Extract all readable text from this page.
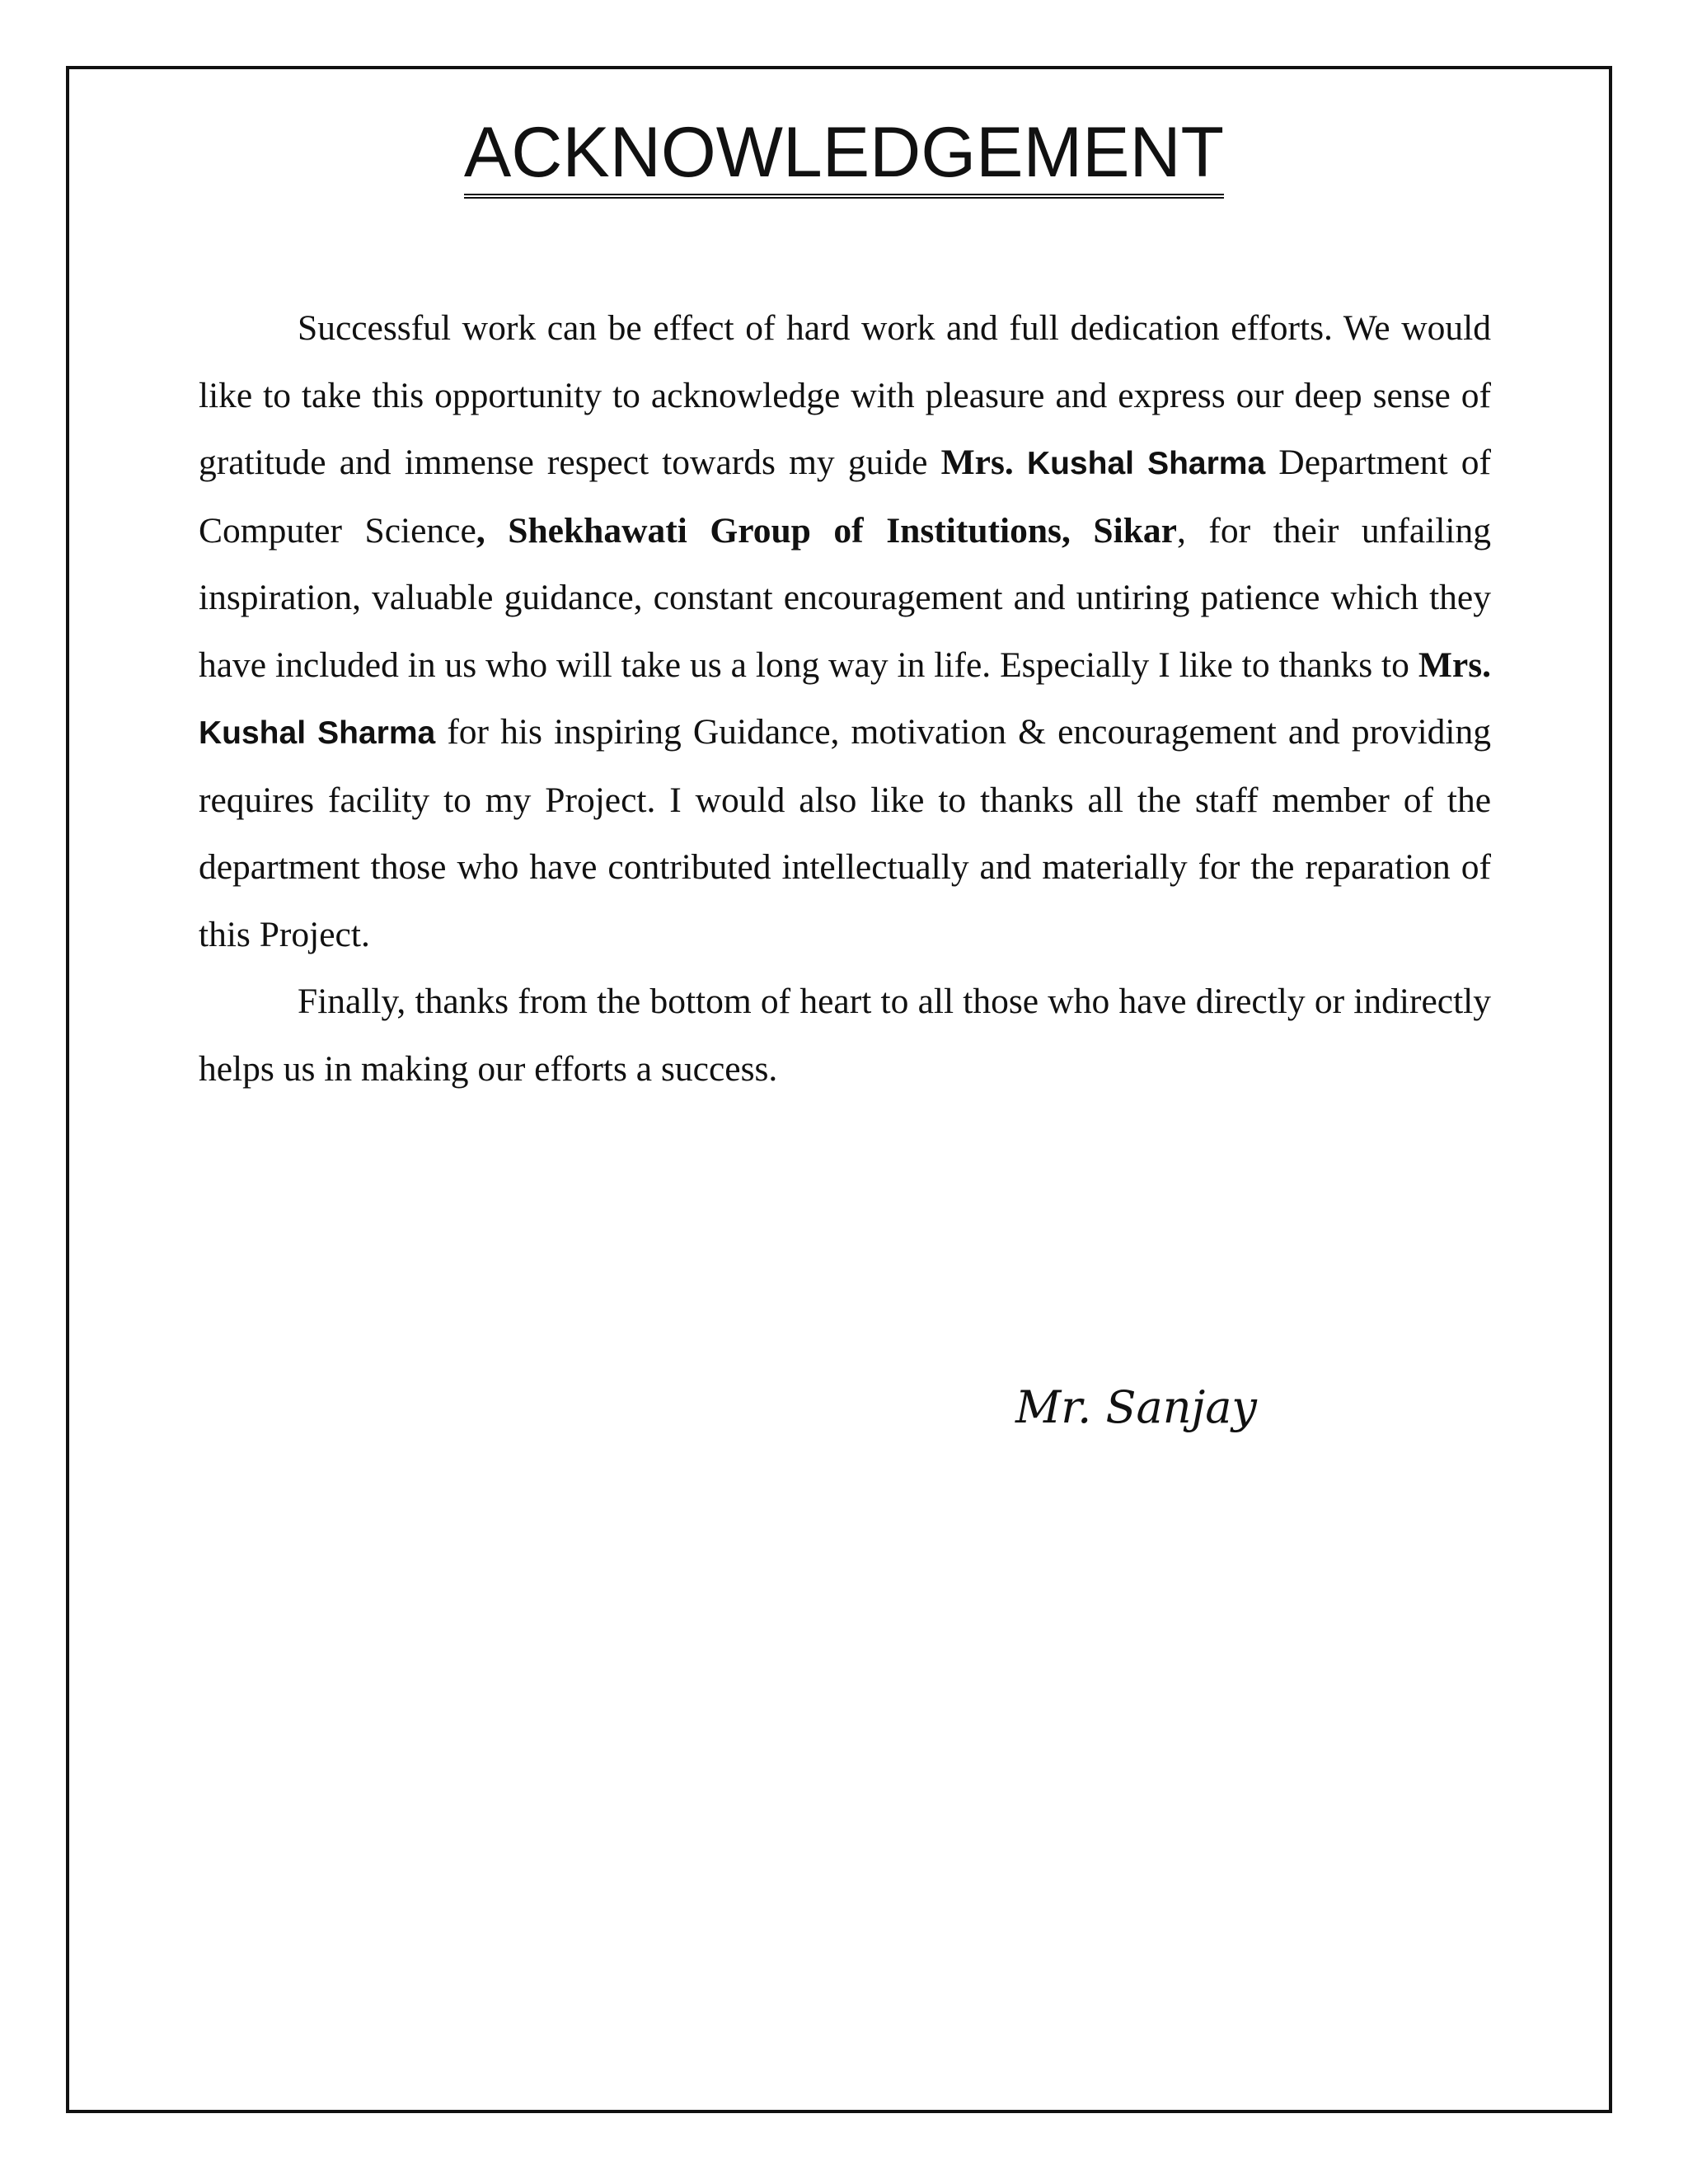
ACKNOWLEDGEMENT

Successful work can be effect of hard work and full dedication efforts. We would like to take this opportunity to acknowledge with pleasure and express our deep sense of gratitude and immense respect towards my guide Mrs. Kushal Sharma Department of Computer Science, Shekhawati Group of Institutions, Sikar, for their unfailing inspiration, valuable guidance, constant encouragement and untiring patience which they have included in us who will take us a long way in life. Especially I like to thanks to Mrs. Kushal Sharma for his inspiring Guidance, motivation & encouragement and providing requires facility to my Project. I would also like to thanks all the staff member of the department those who have contributed intellectually and materially for the reparation of this Project.

Finally, thanks from the bottom of heart to all those who have directly or indirectly helps us in making our efforts a success.

Mr. Sanjay
